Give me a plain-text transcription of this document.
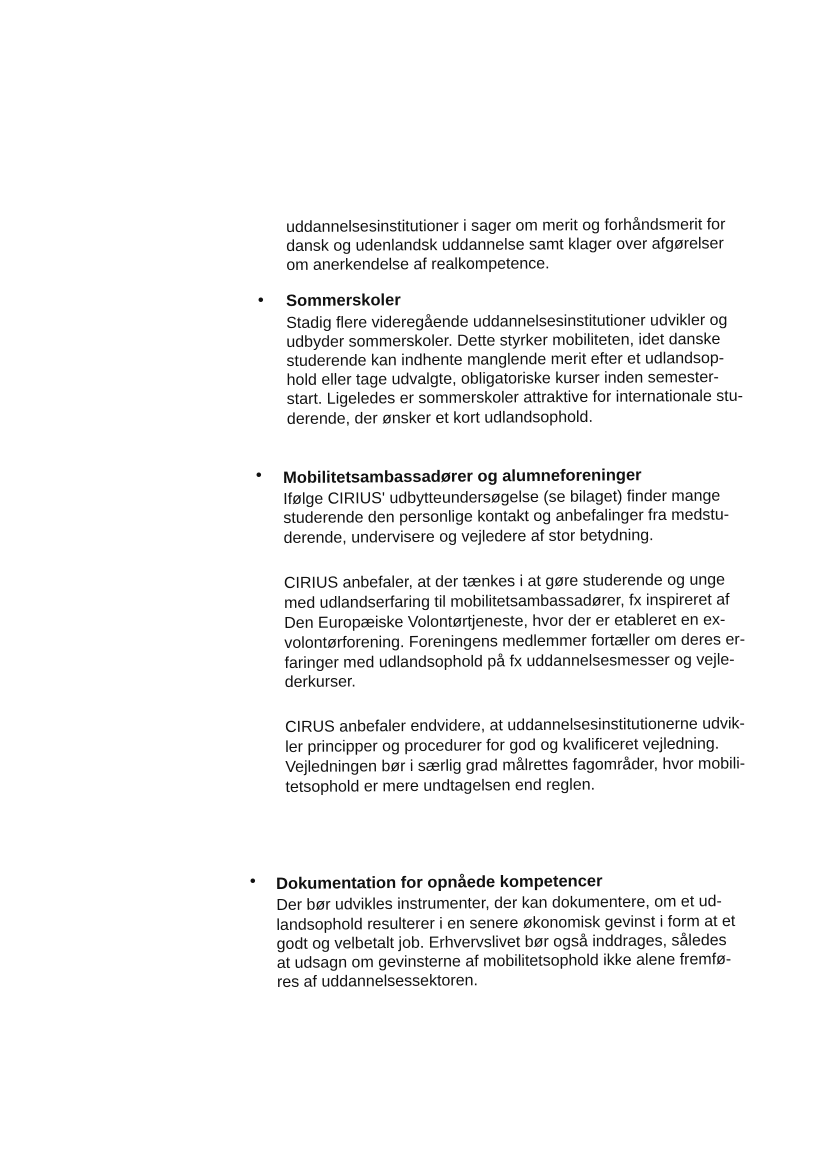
uddannelsesinstitutioner i sager om merit og forhåndsmerit for
dansk og udenlandsk uddannelse samt klager over afgørelser
om anerkendelse af realkompetence.
• Sommerskoler
Stadig flere videregående uddannelsesinstitutioner udvikler og
udbyder sommerskoler. Dette styrker mobiliteten, idet danske
studerende kan indhente manglende merit efter et udlandsop-
hold eller tage udvalgte, obligatoriske kurser inden semester-
start. Ligeledes er sommerskoler attraktive for internationale stu-
derende, der ønsker et kort udlandsophold.
• Mobilitetsambassadører og alumneforeninger
Ifølge CIRIUS' udbytteundersøgelse (se bilaget) finder mange
studerende den personlige kontakt og anbefalinger fra medstu-
derende, undervisere og vejledere af stor betydning.
CIRIUS anbefaler, at der tænkes i at gøre studerende og unge
med udlandserfaring til mobilitetsambassadører, fx inspireret af
Den Europæiske Volontørtjeneste, hvor der er etableret en ex-
volontørforening. Foreningens medlemmer fortæller om deres er-
faringer med udlandsophold på fx uddannelsesmesser og vejle-
derkurser.
CIRUS anbefaler endvidere, at uddannelsesinstitutionerne udvik-
ler principper og procedurer for god og kvalificeret vejledning.
Vejledningen bør i særlig grad målrettes fagområder, hvor mobili-
tetsophold er mere undtagelsen end reglen.
• Dokumentation for opnåede kompetencer
Der bør udvikles instrumenter, der kan dokumentere, om et ud-
landsophold resulterer i en senere økonomisk gevinst i form at et
godt og velbetalt job. Erhvervslivet bør også inddrages, således
at udsagn om gevinsterne af mobilitetsophold ikke alene fremfø-
res af uddannelsessektoren.
